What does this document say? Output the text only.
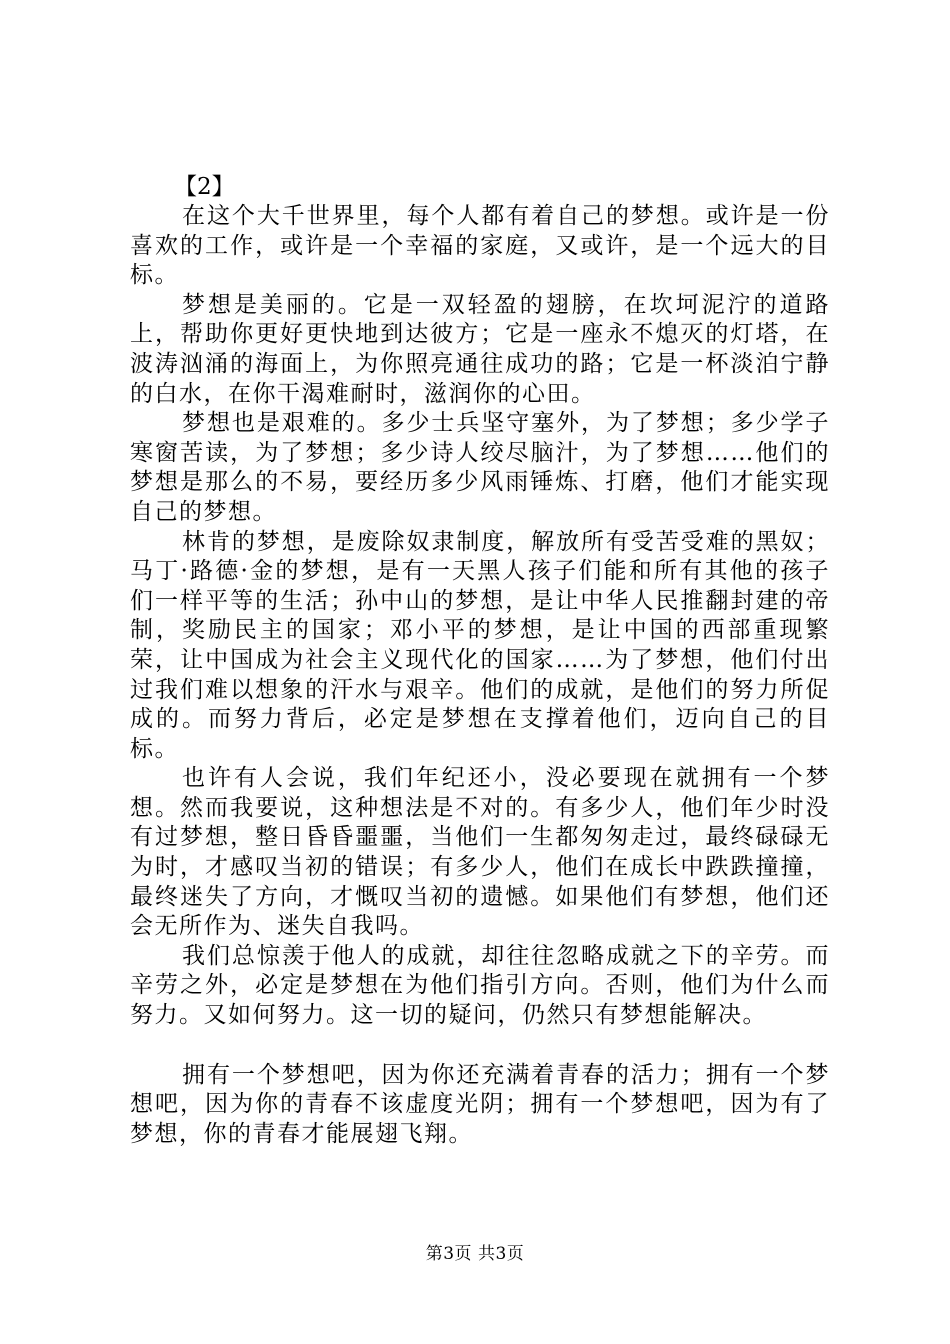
【2】

在这个大千世界里，每个人都有着自己的梦想。或许是一份喜欢的工作，或许是一个幸福的家庭，又或许，是一个远大的目标。

梦想是美丽的。它是一双轻盈的翅膀，在坎坷泥泞的道路上，帮助你更好更快地到达彼方；它是一座永不熄灭的灯塔，在波涛汹涌的海面上，为你照亮通往成功的路；它是一杯淡泊宁静的白水，在你干渴难耐时，滋润你的心田。

梦想也是艰难的。多少士兵坚守塞外，为了梦想；多少学子寒窗苦读，为了梦想；多少诗人绞尽脑汁，为了梦想……他们的梦想是那么的不易，要经历多少风雨锤炼、打磨，他们才能实现自己的梦想。

林肯的梦想，是废除奴隶制度，解放所有受苦受难的黑奴；马丁·路德·金的梦想，是有一天黑人孩子们能和所有其他的孩子们一样平等的生活；孙中山的梦想，是让中华人民推翻封建的帝制，奖励民主的国家；邓小平的梦想，是让中国的西部重现繁荣，让中国成为社会主义现代化的国家……为了梦想，他们付出过我们难以想象的汗水与艰辛。他们的成就，是他们的努力所促成的。而努力背后，必定是梦想在支撑着他们，迈向自己的目标。

也许有人会说，我们年纪还小，没必要现在就拥有一个梦想。然而我要说，这种想法是不对的。有多少人，他们年少时没有过梦想，整日昏昏噩噩，当他们一生都匆匆走过，最终碌碌无为时，才感叹当初的错误；有多少人，他们在成长中跌跌撞撞，最终迷失了方向，才慨叹当初的遗憾。如果他们有梦想，他们还会无所作为、迷失自我吗。

我们总惊羡于他人的成就，却往往忽略成就之下的辛劳。而辛劳之外，必定是梦想在为他们指引方向。否则，他们为什么而努力。又如何努力。这一切的疑问，仍然只有梦想能解决。

拥有一个梦想吧，因为你还充满着青春的活力；拥有一个梦想吧，因为你的青春不该虚度光阴；拥有一个梦想吧，因为有了梦想，你的青春才能展翅飞翔。

第3页 共3页
